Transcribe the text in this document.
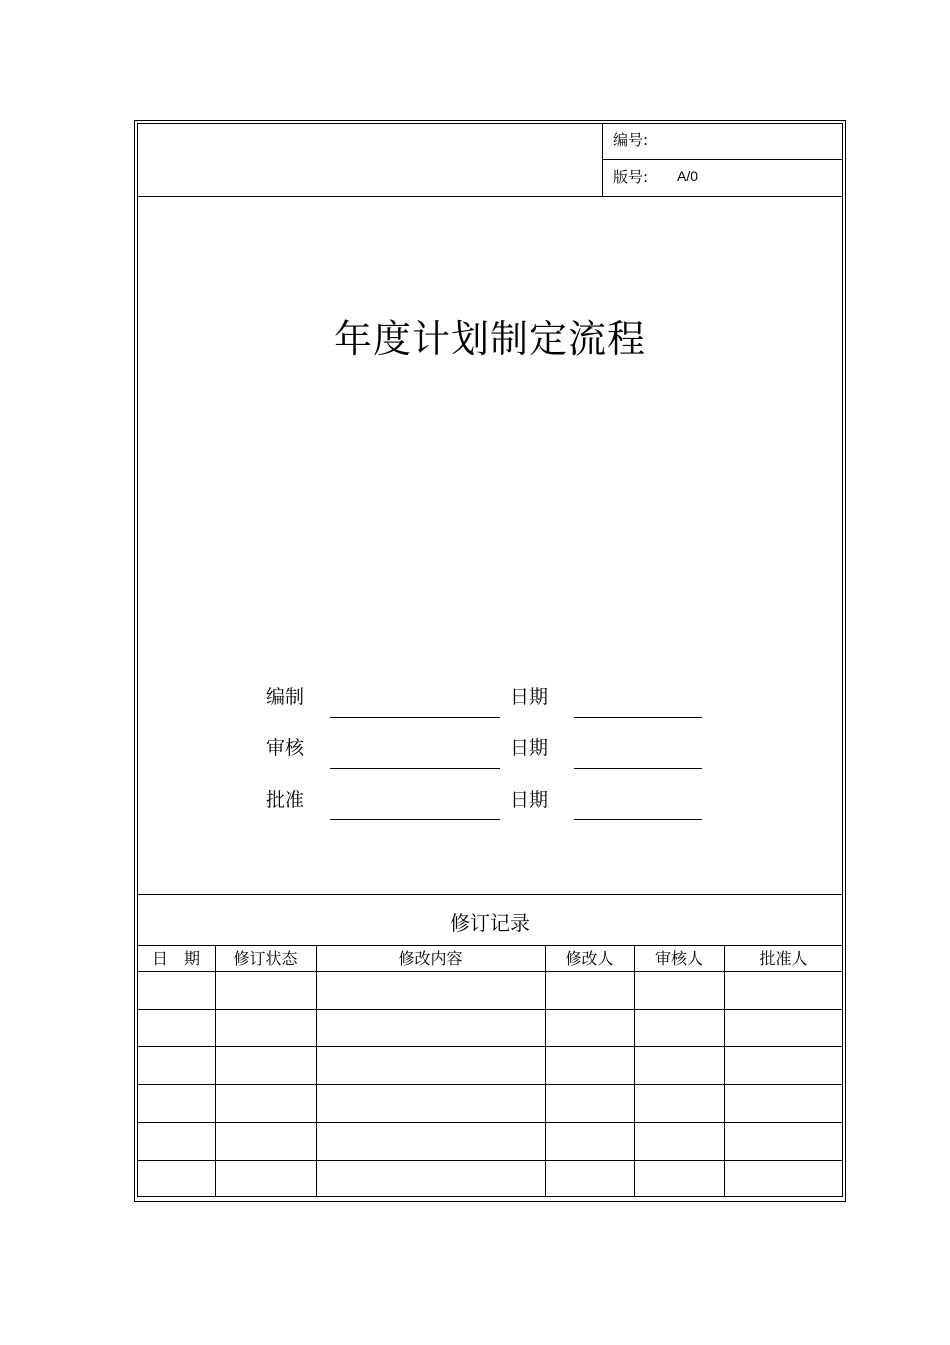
编号:
版号: A/0
年度计划制定流程
编制	日期
审核	日期
批准	日期
修订记录
日　期	修订状态	修改内容	修改人	审核人	批准人
